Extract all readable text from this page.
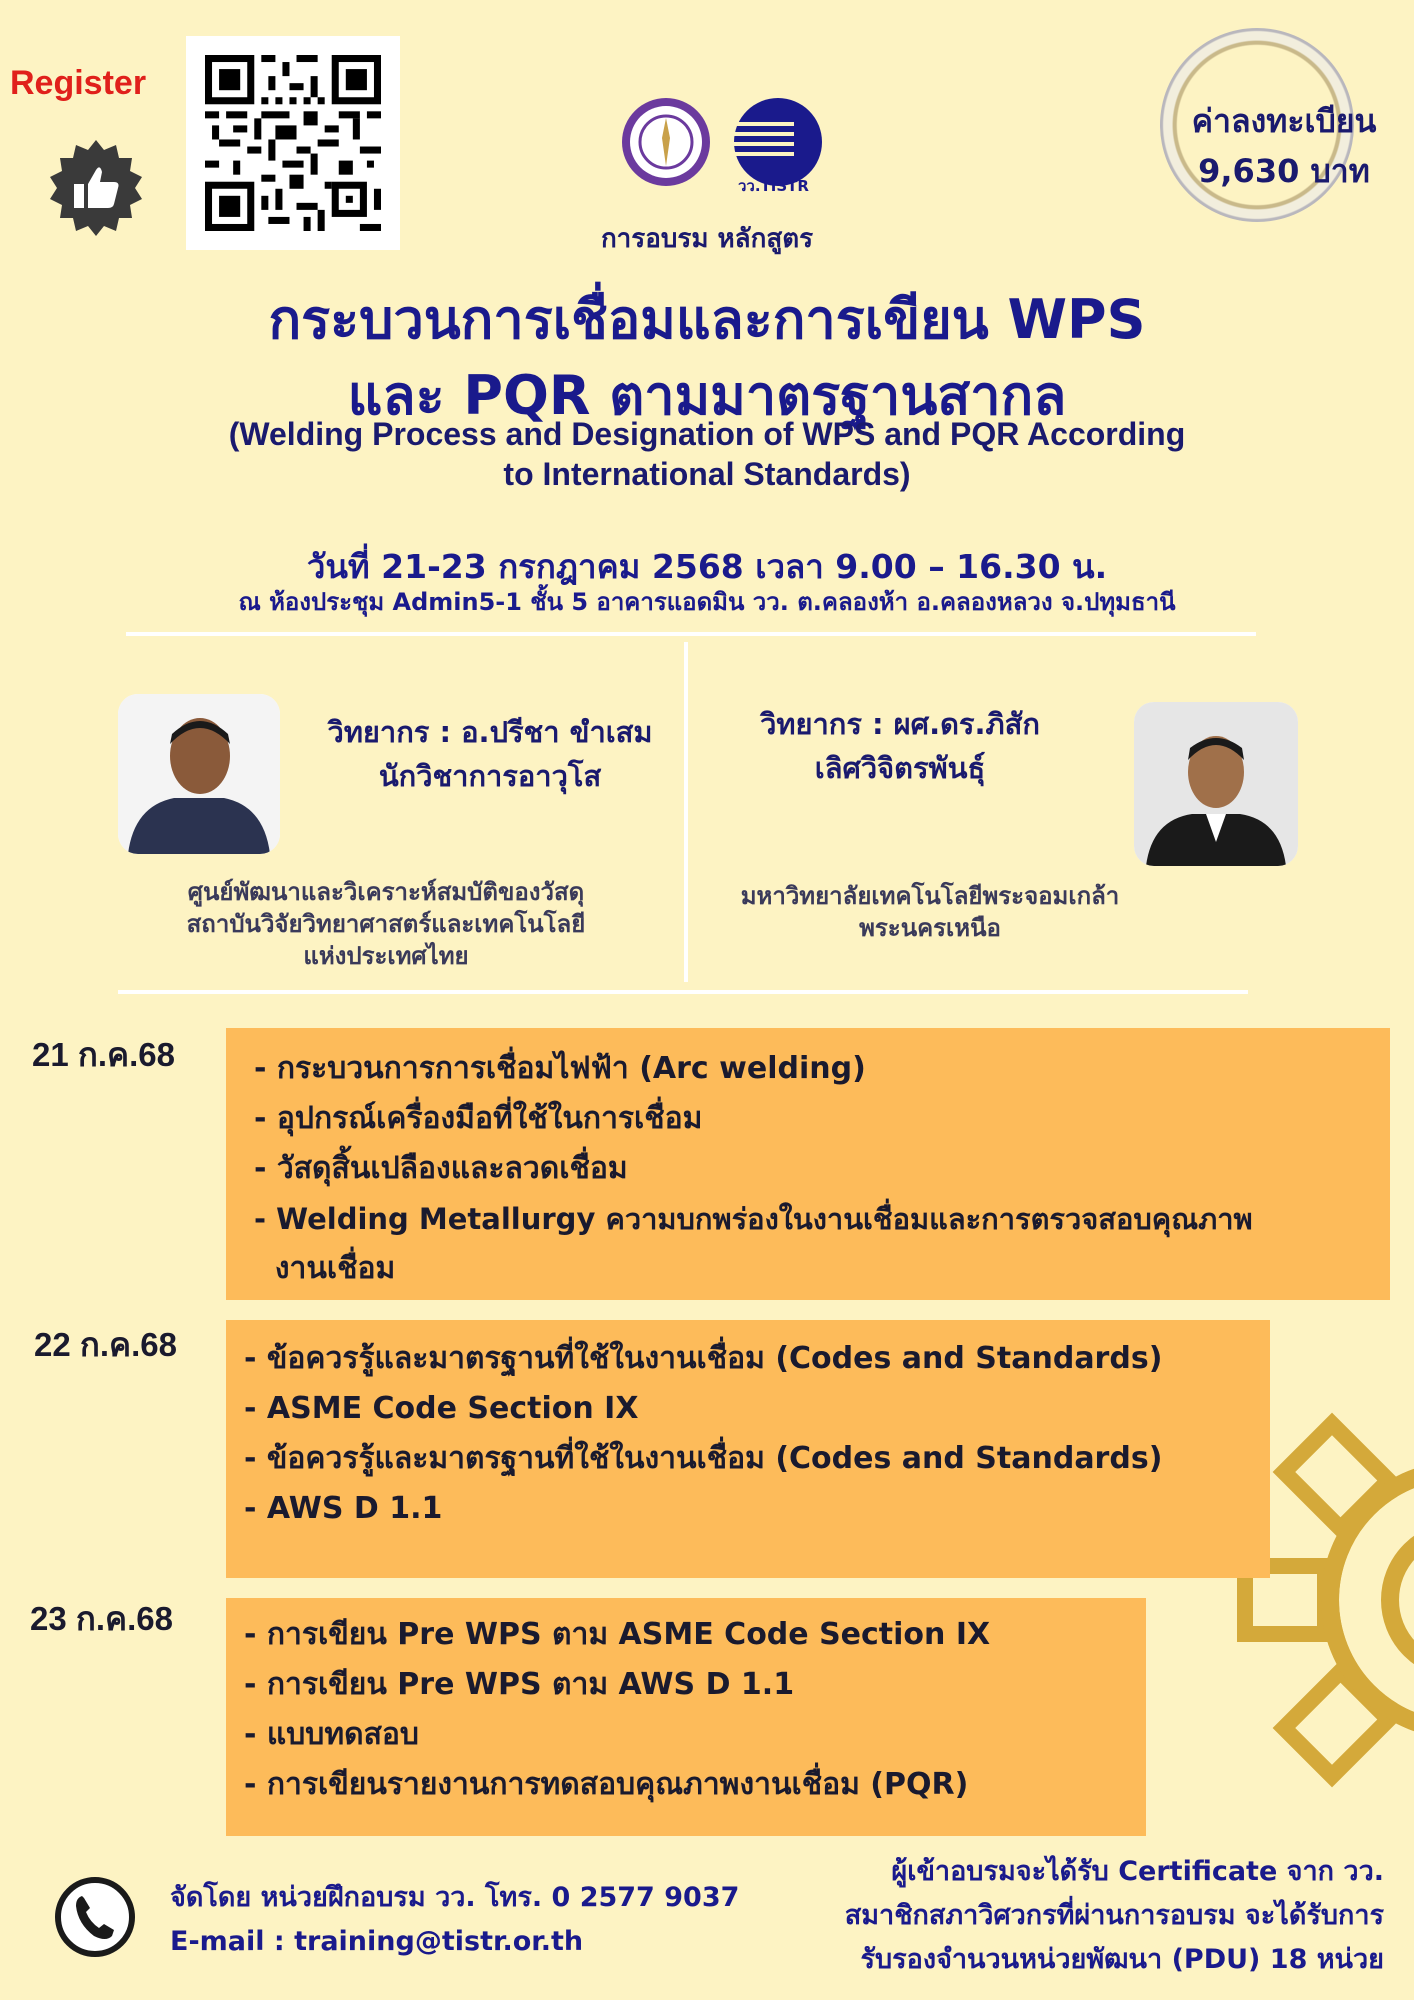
Register
วว.TISTR
ค่าลงทะเบียน
9,630 บาท
การอบรม หลักสูตร
กระบวนการเชื่อมและการเขียน WPS
และ PQR ตามมาตรฐานสากล
(Welding Process and Designation of WPS and PQR According
to International Standards)
วันที่ 21-23 กรกฎาคม 2568 เวลา 9.00 – 16.30 น.
ณ ห้องประชุม Admin5-1 ชั้น 5 อาคารแอดมิน วว. ต.คลองห้า อ.คลองหลวง จ.ปทุมธานี
วิทยากร : อ.ปรีชา ขำเสม
นักวิชาการอาวุโส
ศูนย์พัฒนาและวิเคราะห์สมบัติของวัสดุ
สถาบันวิจัยวิทยาศาสตร์และเทคโนโลยี
แห่งประเทศไทย
วิทยากร : ผศ.ดร.ภิสัก
เลิศวิจิตรพันธุ์
มหาวิทยาลัยเทคโนโลยีพระจอมเกล้า
พระนครเหนือ
21 ก.ค.68	- กระบวนการการเชื่อมไฟฟ้า (Arc welding)
- อุปกรณ์เครื่องมือที่ใช้ในการเชื่อม
- วัสดุสิ้นเปลืองและลวดเชื่อม
- Welding Metallurgy ความบกพร่องในงานเชื่อมและการตรวจสอบคุณภาพ
งานเชื่อม
22 ก.ค.68 - ข้อควรรู้และมาตรฐานที่ใช้ในงานเชื่อม (Codes and Standards)
- ASME Code Section IX
- ข้อควรรู้และมาตรฐานที่ใช้ในงานเชื่อม (Codes and Standards)
- AWS D 1.1
23 ก.ค.68 - การเขียน Pre WPS ตาม ASME Code Section IX
- การเขียน Pre WPS ตาม AWS D 1.1
- แบบทดสอบ
- การเขียนรายงานการทดสอบคุณภาพงานเชื่อม (PQR)
จัดโดย หน่วยฝึกอบรม วว. โทร. 0 2577 9037
E-mail : training@tistr.or.th
ผู้เข้าอบรมจะได้รับ Certificate จาก วว.
สมาชิกสภาวิศวกรที่ผ่านการอบรม จะได้รับการ
รับรองจำนวนหน่วยพัฒนา (PDU) 18 หน่วย
